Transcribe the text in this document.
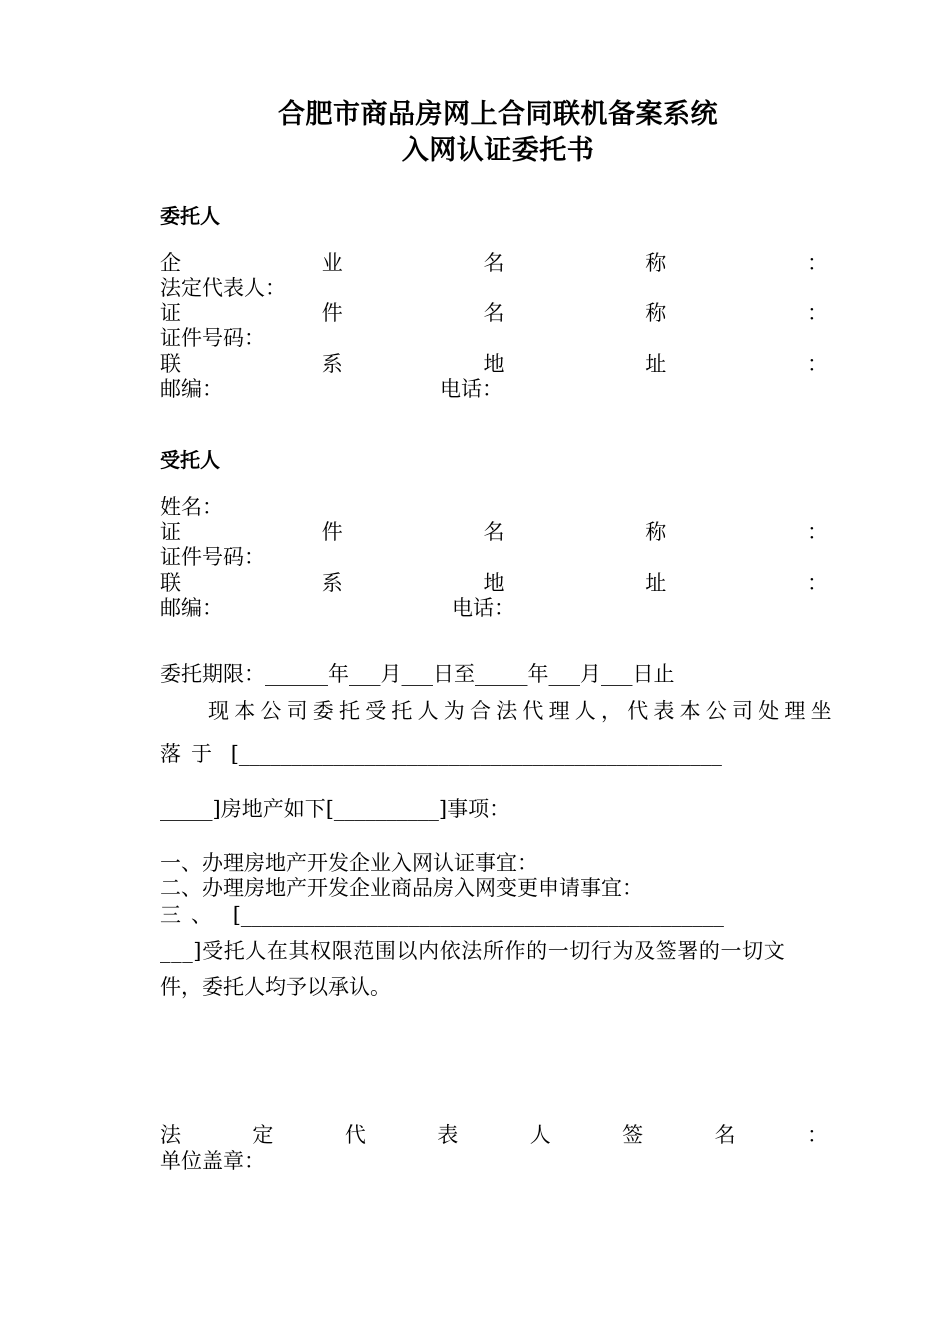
合肥市商品房网上合同联机备案系统
入网认证委托书
委托人
企	业	名	称	：
法定代表人：
证	件	名	称	：
证件号码：
联	系	地	址	：
邮编：	电话：
受托人
姓名：
证	件	名	称	：
证件号码：
联	系	地	址	：
邮编：	电话：
委托期限：______年___月___日至_____年___月___日止
现本公司委托受托人为合法代理人，代表本公司处理坐
落于 [______________________________________________
_____]房地产如下[__________]事项：
一、办理房地产开发企业入网认证事宜：
二、办理房地产开发企业商品房入网变更申请事宜：
三、 [______________________________________________
___]受托人在其权限范围以内依法所作的一切行为及签署的一切文
件，委托人均予以承认。
法	定	代	表	人	签	名	：
单位盖章：
